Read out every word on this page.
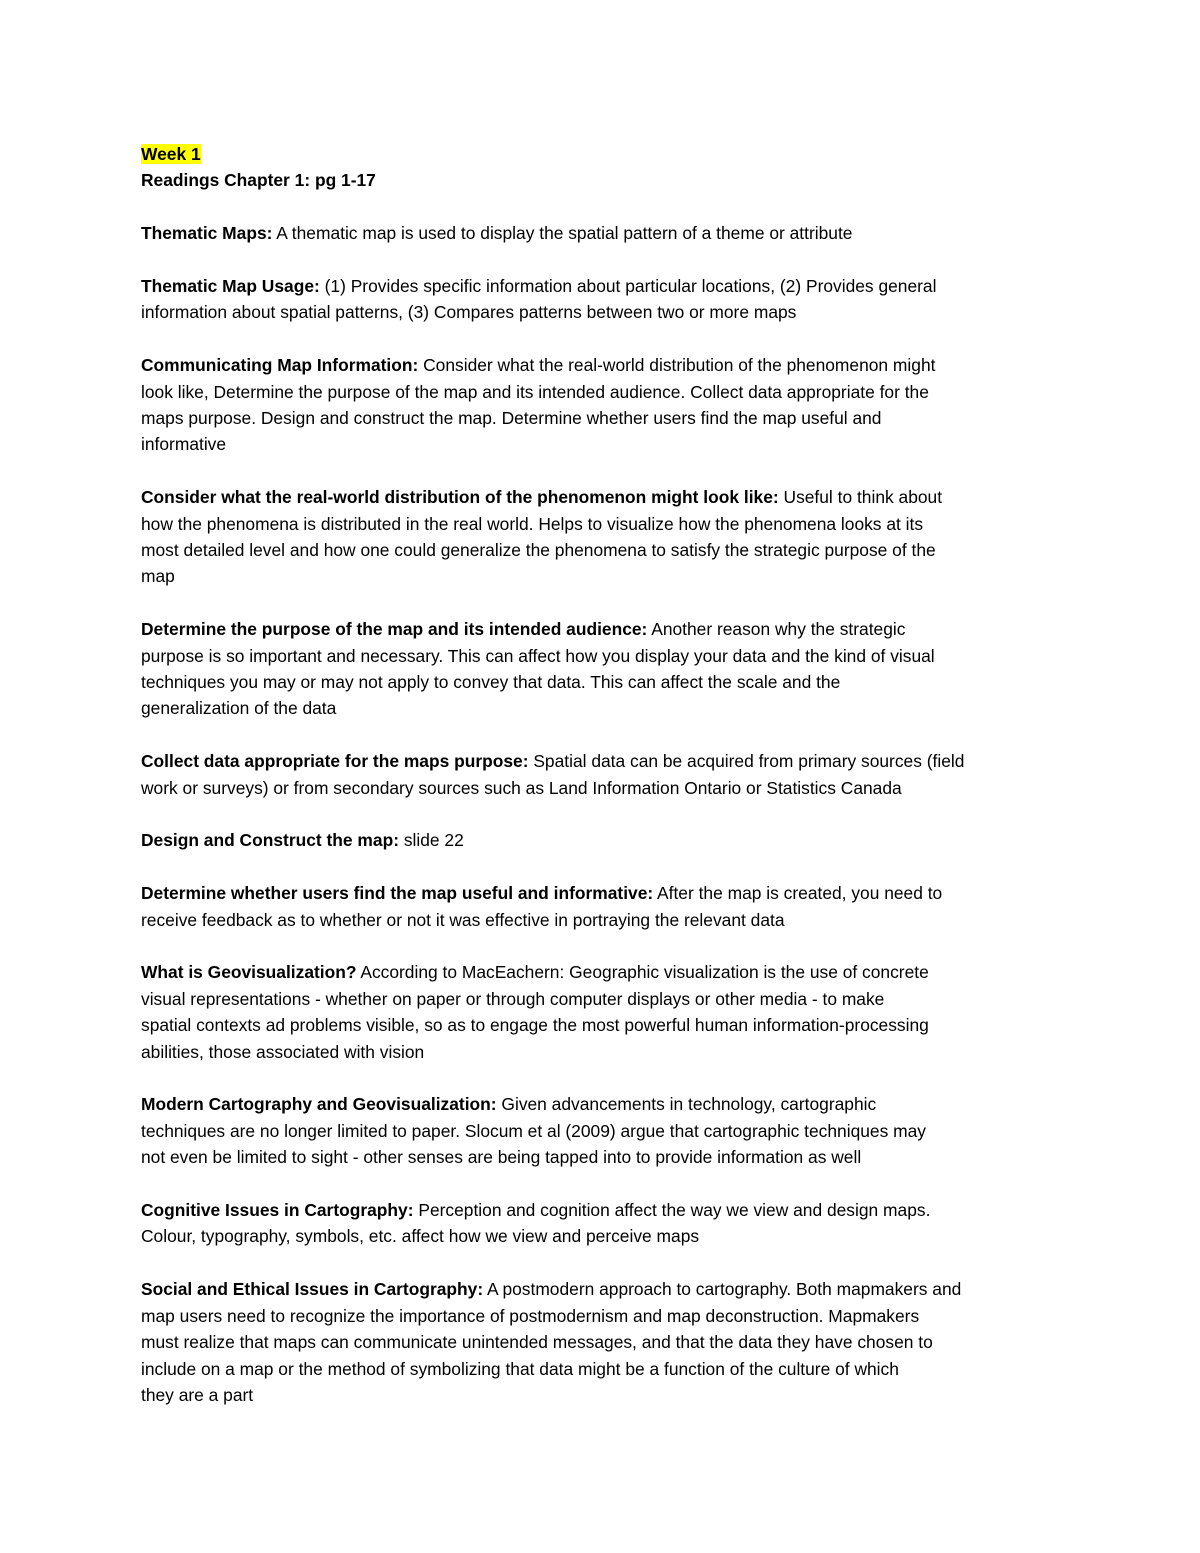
Week 1

Readings Chapter 1: pg 1-17

Thematic Maps: A thematic map is used to display the spatial pattern of a theme or attribute

Thematic Map Usage: (1) Provides specific information about particular locations, (2) Provides general

information about spatial patterns, (3) Compares patterns between two or more maps

Communicating Map Information: Consider what the real-world distribution of the phenomenon might

look like, Determine the purpose of the map and its intended audience. Collect data appropriate for the

maps purpose. Design and construct the map. Determine whether users find the map useful and

informative

Consider what the real-world distribution of the phenomenon might look like: Useful to think about

how the phenomena is distributed in the real world. Helps to visualize how the phenomena looks at its

most detailed level and how one could generalize the phenomena to satisfy the strategic purpose of the

map

Determine the purpose of the map and its intended audience: Another reason why the strategic

purpose is so important and necessary. This can affect how you display your data and the kind of visual

techniques you may or may not apply to convey that data. This can affect the scale and the

generalization of the data

Collect data appropriate for the maps purpose: Spatial data can be acquired from primary sources (field

work or surveys) or from secondary sources such as Land Information Ontario or Statistics Canada

Design and Construct the map: slide 22

Determine whether users find the map useful and informative: After the map is created, you need to

receive feedback as to whether or not it was effective in portraying the relevant data

What is Geovisualization? According to MacEachern: Geographic visualization is the use of concrete

visual representations - whether on paper or through computer displays or other media - to make

spatial contexts ad problems visible, so as to engage the most powerful human information-processing

abilities, those associated with vision

Modern Cartography and Geovisualization: Given advancements in technology, cartographic

techniques are no longer limited to paper. Slocum et al (2009) argue that cartographic techniques may

not even be limited to sight - other senses are being tapped into to provide information as well

Cognitive Issues in Cartography: Perception and cognition affect the way we view and design maps.

Colour, typography, symbols, etc. affect how we view and perceive maps

Social and Ethical Issues in Cartography: A postmodern approach to cartography. Both mapmakers and

map users need to recognize the importance of postmodernism and map deconstruction. Mapmakers

must realize that maps can communicate unintended messages, and that the data they have chosen to

include on a map or the method of symbolizing that data might be a function of the culture of which

they are a part
